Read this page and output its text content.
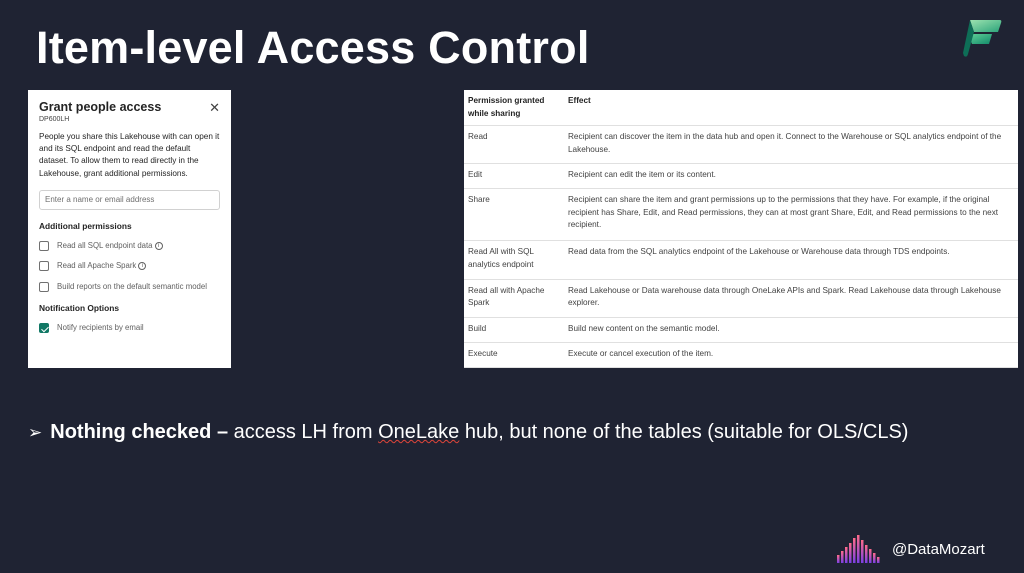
Item-level Access Control
Grant people access	✕
DP600LH
People you share this Lakehouse with can open it and its SQL endpoint and read the default dataset. To allow them to read directly in the Lakehouse, grant additional permissions.
Enter a name or email address
Additional permissions
Read all SQL endpoint data i
Read all Apache Spark i
Build reports on the default semantic model
Notification Options
Notify recipients by email
Permission granted while sharing	Effect
Read	Recipient can discover the item in the data hub and open it. Connect to the Warehouse or SQL analytics endpoint of the Lakehouse.
Edit	Recipient can edit the item or its content.
Share	Recipient can share the item and grant permissions up to the permissions that they have. For example, if the original recipient has Share, Edit, and Read permissions, they can at most grant Share, Edit, and Read permissions to the next recipient.
Read All with SQL analytics endpoint	Read data from the SQL analytics endpoint of the Lakehouse or Warehouse data through TDS endpoints.
Read all with Apache Spark	Read Lakehouse or Data warehouse data through OneLake APIs and Spark. Read Lakehouse data through Lakehouse explorer.
Build	Build new content on the semantic model.
Execute	Execute or cancel execution of the item.
➢ Nothing checked – access LH from OneLake hub, but none of the tables (suitable for OLS/CLS)
@DataMozart
